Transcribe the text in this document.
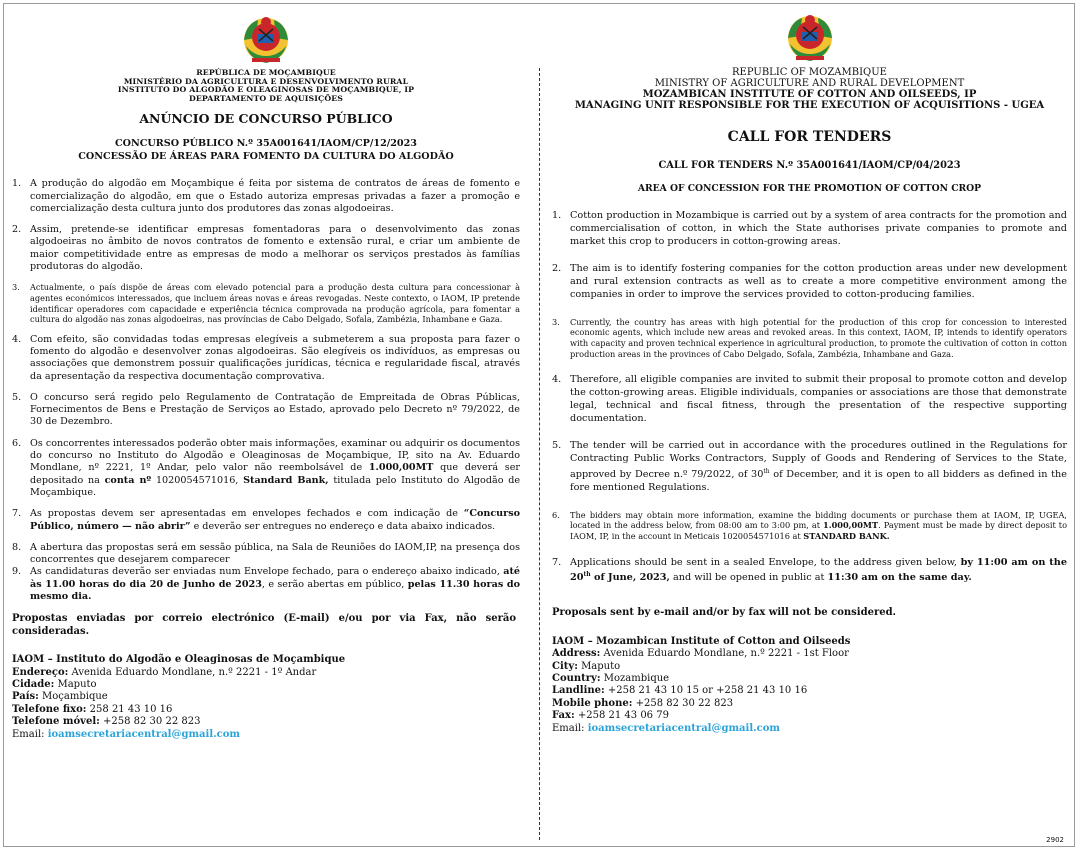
REPÚBLICA DE MOÇAMBIQUE

MINISTÉRIO DA AGRICULTURA E DESENVOLVIMENTO RURAL

INSTITUTO DO ALGODÃO E OLEAGINOSAS DE MOÇAMBIQUE, IP

DEPARTAMENTO DE AQUISIÇÕES

ANÚNCIO DE CONCURSO PÚBLICO

CONCURSO PÚBLICO N.º 35A001641/IAOM/CP/12/2023

CONCESSÃO DE ÁREAS PARA FOMENTO DA CULTURA DO ALGODÃO

1. A produção do algodão em Moçambique é feita por sistema de contratos de áreas de fomento e comercialização do algodão, em que o Estado autoriza empresas privadas a fazer a promoção e comercialização desta cultura junto dos produtores das zonas algodoeiras.
2. Assim, pretende-se identificar empresas fomentadoras para o desenvolvimento das zonas algodoeiras no âmbito de novos contratos de fomento e extensão rural, e criar um ambiente de maior competitividade entre as empresas de modo a melhorar os serviços prestados às famílias produtoras do algodão.
3. Actualmente, o país dispõe de áreas com elevado potencial para a produção desta cultura para concessionar à agentes económicos interessados, que incluem áreas novas e áreas revogadas. Neste contexto, o IAOM, IP pretende identificar operadores com capacidade e experiência técnica comprovada na produção agrícola, para fomentar a cultura do algodão nas zonas algodoeiras, nas províncias de Cabo Delgado, Sofala, Zambézia, Inhambane e Gaza.
4. Com efeito, são convidadas todas empresas elegíveis a submeterem a sua proposta para fazer o fomento do algodão e desenvolver zonas algodoeiras. São elegíveis os indivíduos, as empresas ou associações que demonstrem possuir qualificações jurídicas, técnica e regularidade fiscal, através da apresentação da respectiva documentação comprovativa.
5. O concurso será regido pelo Regulamento de Contratação de Empreitada de Obras Públicas, Fornecimentos de Bens e Prestação de Serviços ao Estado, aprovado pelo Decreto nº 79/2022, de 30 de Dezembro.
6. Os concorrentes interessados poderão obter mais informações, examinar ou adquirir os documentos do concurso no Instituto do Algodão e Oleaginosas de Moçambique, IP, sito na Av. Eduardo Mondlane, nº 2221, 1º Andar, pelo valor não reembolsável de 1.000,00MT que deverá ser depositado na conta nº 1020054571016, Standard Bank, titulada pelo Instituto do Algodão de Moçambique.
7. As propostas devem ser apresentadas em envelopes fechados e com indicação de “Concurso Público, número — não abrir” e deverão ser entregues no endereço e data abaixo indicados.
8. A abertura das propostas será em sessão pública, na Sala de Reuniões do IAOM,IP, na presença dos concorrentes que desejarem comparecer
9. As candidaturas deverão ser enviadas num Envelope fechado, para o endereço abaixo indicado, até às 11.00 horas do dia 20 de Junho de 2023, e serão abertas em público, pelas 11.30 horas do mesmo dia.

Propostas enviadas por correio electrónico (E-mail) e/ou por via Fax, não serão consideradas.

IAOM – Instituto do Algodão e Oleaginosas de Moçambique
Endereço: Avenida Eduardo Mondlane, n.º 2221 - 1º Andar
Cidade: Maputo
País: Moçambique
Telefone fixo: 258 21 43 10 16
Telefone móvel: +258 82 30 22 823
Email: ioamsecretariacentral@gmail.com

REPUBLIC OF MOZAMBIQUE

MINISTRY OF AGRICULTURE AND RURAL DEVELOPMENT

MOZAMBICAN INSTITUTE OF COTTON AND OILSEEDS, IP

MANAGING UNIT RESPONSIBLE FOR THE EXECUTION OF ACQUISITIONS - UGEA

CALL FOR TENDERS

CALL FOR TENDERS N.º 35A001641/IAOM/CP/04/2023

AREA OF CONCESSION FOR THE PROMOTION OF COTTON CROP

1. Cotton production in Mozambique is carried out by a system of area contracts for the promotion and commercialisation of cotton, in which the State authorises private companies to promote and market this crop to producers in cotton-growing areas.
2. The aim is to identify fostering companies for the cotton production areas under new development and rural extension contracts as well as to create a more competitive environment among the companies in order to improve the services provided to cotton-producing families.
3. Currently, the country has areas with high potential for the production of this crop for concession to interested economic agents, which include new areas and revoked areas. In this context, IAOM, IP, intends to identify operators with capacity and proven technical experience in agricultural production, to promote the cultivation of cotton in cotton production areas in the provinces of Cabo Delgado, Sofala, Zambézia, Inhambane and Gaza.
4. Therefore, all eligible companies are invited to submit their proposal to promote cotton and develop the cotton-growing areas. Eligible individuals, companies or associations are those that demonstrate legal, technical and fiscal fitness, through the presentation of the respective supporting documentation.
5. The tender will be carried out in accordance with the procedures outlined in the Regulations for Contracting Public Works Contractors, Supply of Goods and Rendering of Services to the State, approved by Decree n.º 79/2022, of 30th of December, and it is open to all bidders as defined in the fore mentioned Regulations.
6. The bidders may obtain more information, examine the bidding documents or purchase them at IAOM, IP, UGEA, located in the address below, from 08:00 am to 3:00 pm, at 1.000,00MT. Payment must be made by direct deposit to IAOM, IP, in the account in Meticais 1020054571016 at STANDARD BANK.
7. Applications should be sent in a sealed Envelope, to the address given below, by 11:00 am on the 20th of June, 2023, and will be opened in public at 11:30 am on the same day.

Proposals sent by e-mail and/or by fax will not be considered.

IAOM – Mozambican Institute of Cotton and Oilseeds
Address: Avenida Eduardo Mondlane, n.º 2221 - 1st Floor
City: Maputo
Country: Mozambique
Landline: +258 21 43 10 15 or +258 21 43 10 16
Mobile phone: +258 82 30 22 823
Fax: +258 21 43 06 79
Email: ioamsecretariacentral@gmail.com
2902
